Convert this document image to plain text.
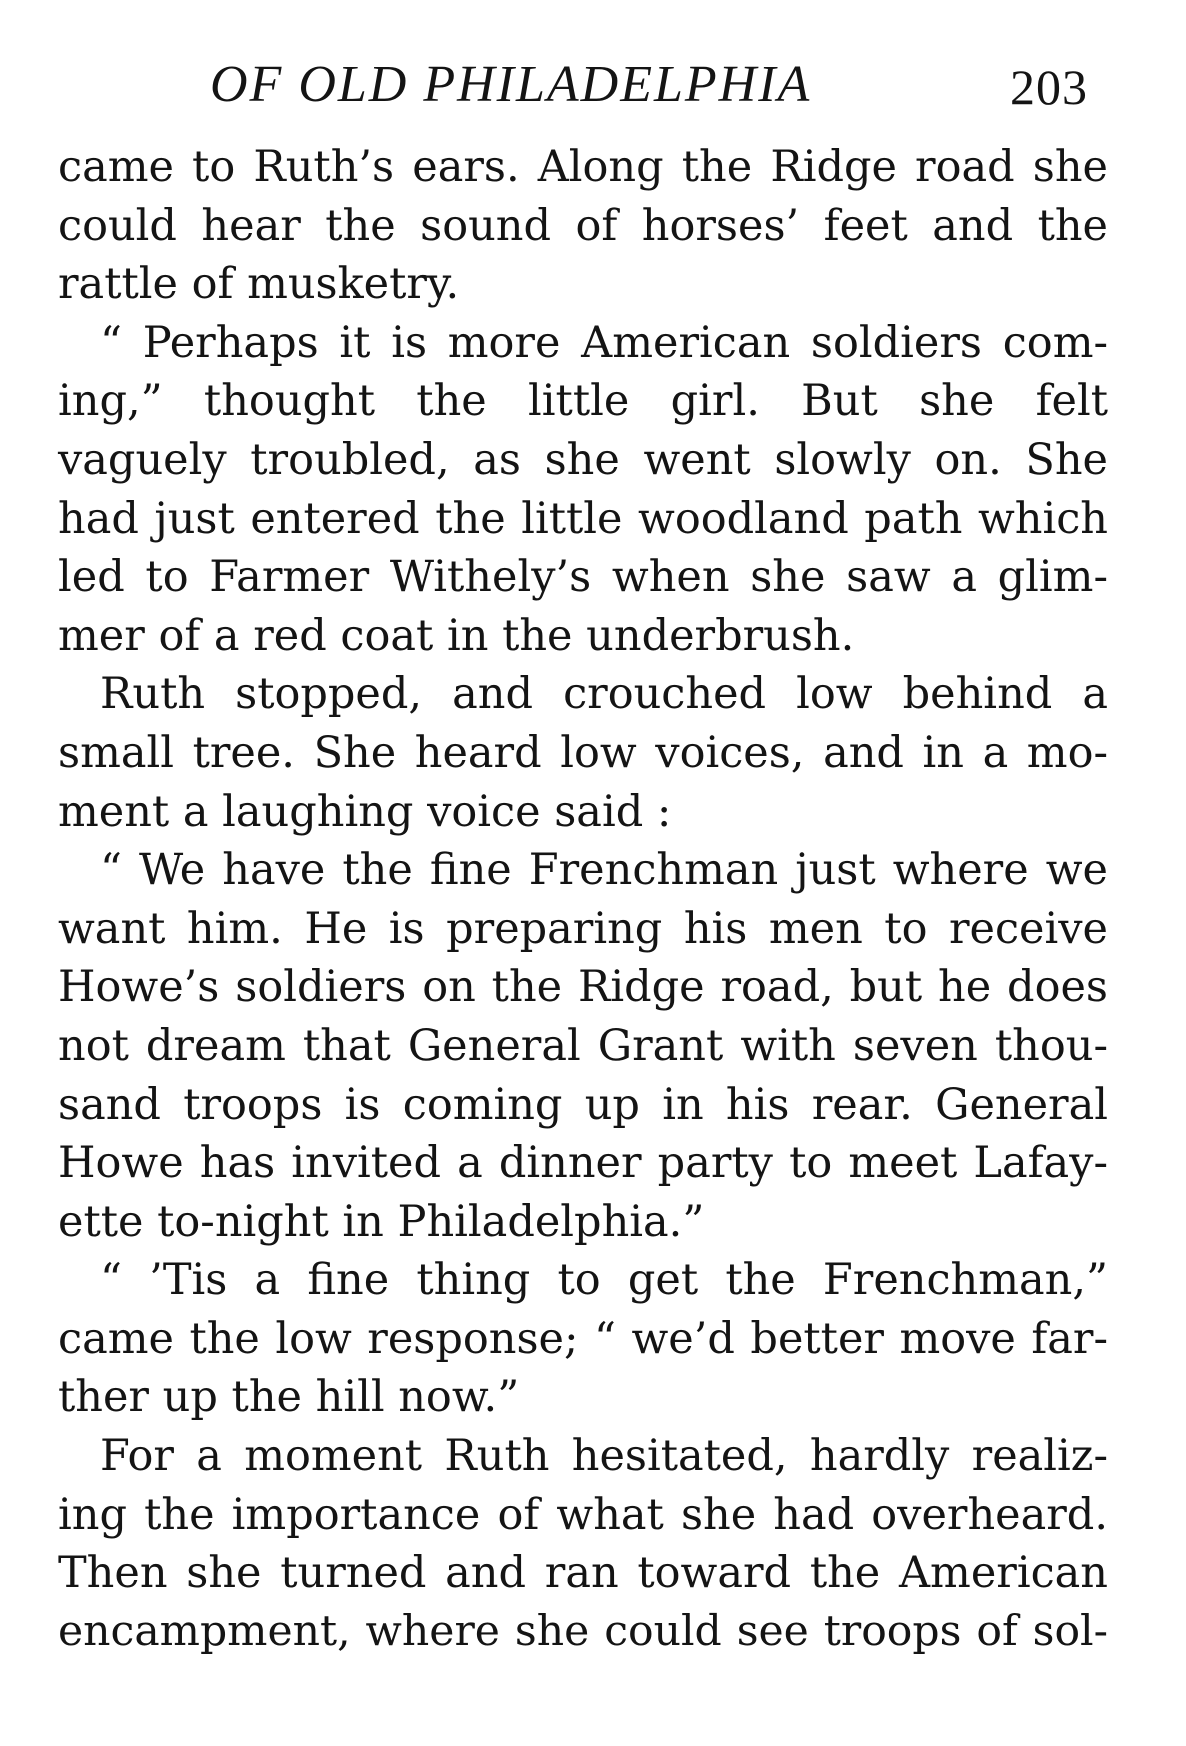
OF OLD PHILADELPHIA	203
came to Ruth’s ears. Along the Ridge road she
could hear the sound of horses’ feet and the
rattle of musketry.
“ Perhaps it is more American soldiers com-
ing,” thought the little girl. But she felt
vaguely troubled, as she went slowly on. She
had just entered the little woodland path which
led to Farmer Withely’s when she saw a glim-
mer of a red coat in the underbrush.
Ruth stopped, and crouched low behind a
small tree. She heard low voices, and in a mo-
ment a laughing voice said :
“ We have the fine Frenchman just where we
want him. He is preparing his men to receive
Howe’s soldiers on the Ridge road, but he does
not dream that General Grant with seven thou-
sand troops is coming up in his rear. General
Howe has invited a dinner party to meet Lafay-
ette to-night in Philadelphia.”
“ ’Tis a fine thing to get the Frenchman,”
came the low response; “ we’d better move far-
ther up the hill now.”
For a moment Ruth hesitated, hardly realiz-
ing the importance of what she had overheard.
Then she turned and ran toward the American
encampment, where she could see troops of sol-
